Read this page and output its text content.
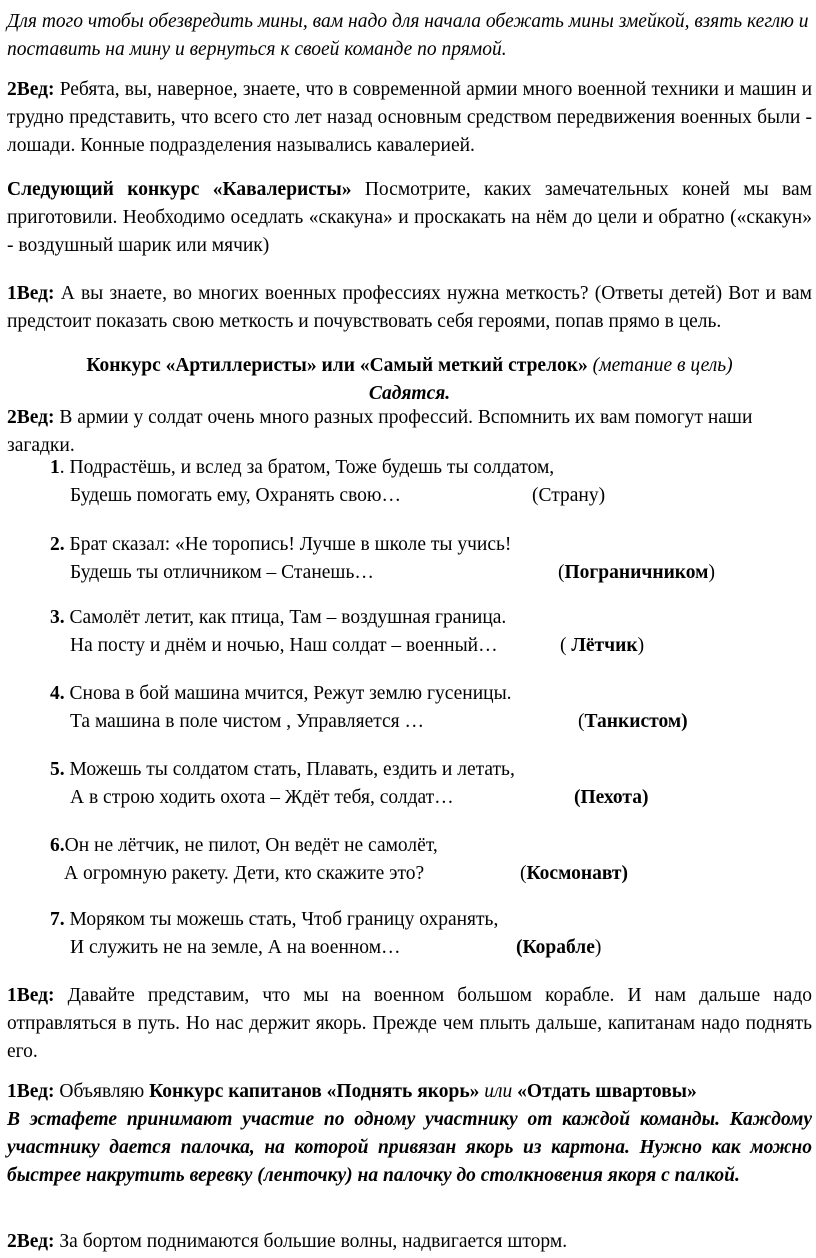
Для того чтобы обезвредить мины, вам надо для начала обежать мины змейкой, взять кеглю и поставить на мину и вернуться к своей команде по прямой.

2Вед: Ребята, вы, наверное, знаете, что в современной армии много военной техники и машин и трудно представить, что всего сто лет назад основным средством передвижения военных были - лошади. Конные подразделения назывались кавалерией.

Следующий конкурс «Кавалеристы» Посмотрите, каких замечательных коней мы вам приготовили. Необходимо оседлать «скакуна» и проскакать на нём до цели и обратно («скакун» - воздушный шарик или мячик)

1Вед: А вы знаете, во многих военных профессиях нужна меткость? (Ответы детей) Вот и вам предстоит показать свою меткость и почувствовать себя героями, попав прямо в цель.

Конкурс «Артиллеристы» или «Самый меткий стрелок» (метание в цель)
Садятся.

2Вед: В армии у солдат очень много разных профессий. Вспомнить их вам помогут наши загадки.

1. Подрастёшь, и вслед за братом, Тоже будешь ты солдатом,
Будешь помогать ему, Охранять свою…	(Страну)
2. Брат сказал: «Не торопись! Лучше в школе ты учись!
Будешь ты отличником – Станешь…	(Пограничником)
3. Самолёт летит, как птица, Там – воздушная граница.
На посту и днём и ночью, Наш солдат – военный…	( Лётчик)
4. Снова в бой машина мчится, Режут землю гусеницы.
Та машина в поле чистом , Управляется …	(Танкистом)
5. Можешь ты солдатом стать, Плавать, ездить и летать,
А в строю ходить охота – Ждёт тебя, солдат…	(Пехота)
6.Он не лётчик, не пилот, Он ведёт не самолёт,
А огромную ракету. Дети, кто скажите это?	(Космонавт)
7. Моряком ты можешь стать, Чтоб границу охранять,
И служить не на земле, А на военном…	(Корабле)

1Вед: Давайте представим, что мы на военном большом корабле. И нам дальше надо отправляться в путь. Но нас держит якорь. Прежде чем плыть дальше, капитанам надо поднять его.

1Вед: Объявляю Конкурс капитанов «Поднять якорь» или «Отдать швартовы»
В эстафете принимают участие по одному участнику от каждой команды. Каждому участнику дается палочка, на которой привязан якорь из картона. Нужно как можно быстрее накрутить веревку (ленточку) на палочку до столкновения якоря с палкой.

2Вед: За бортом поднимаются большие волны, надвигается шторм.
